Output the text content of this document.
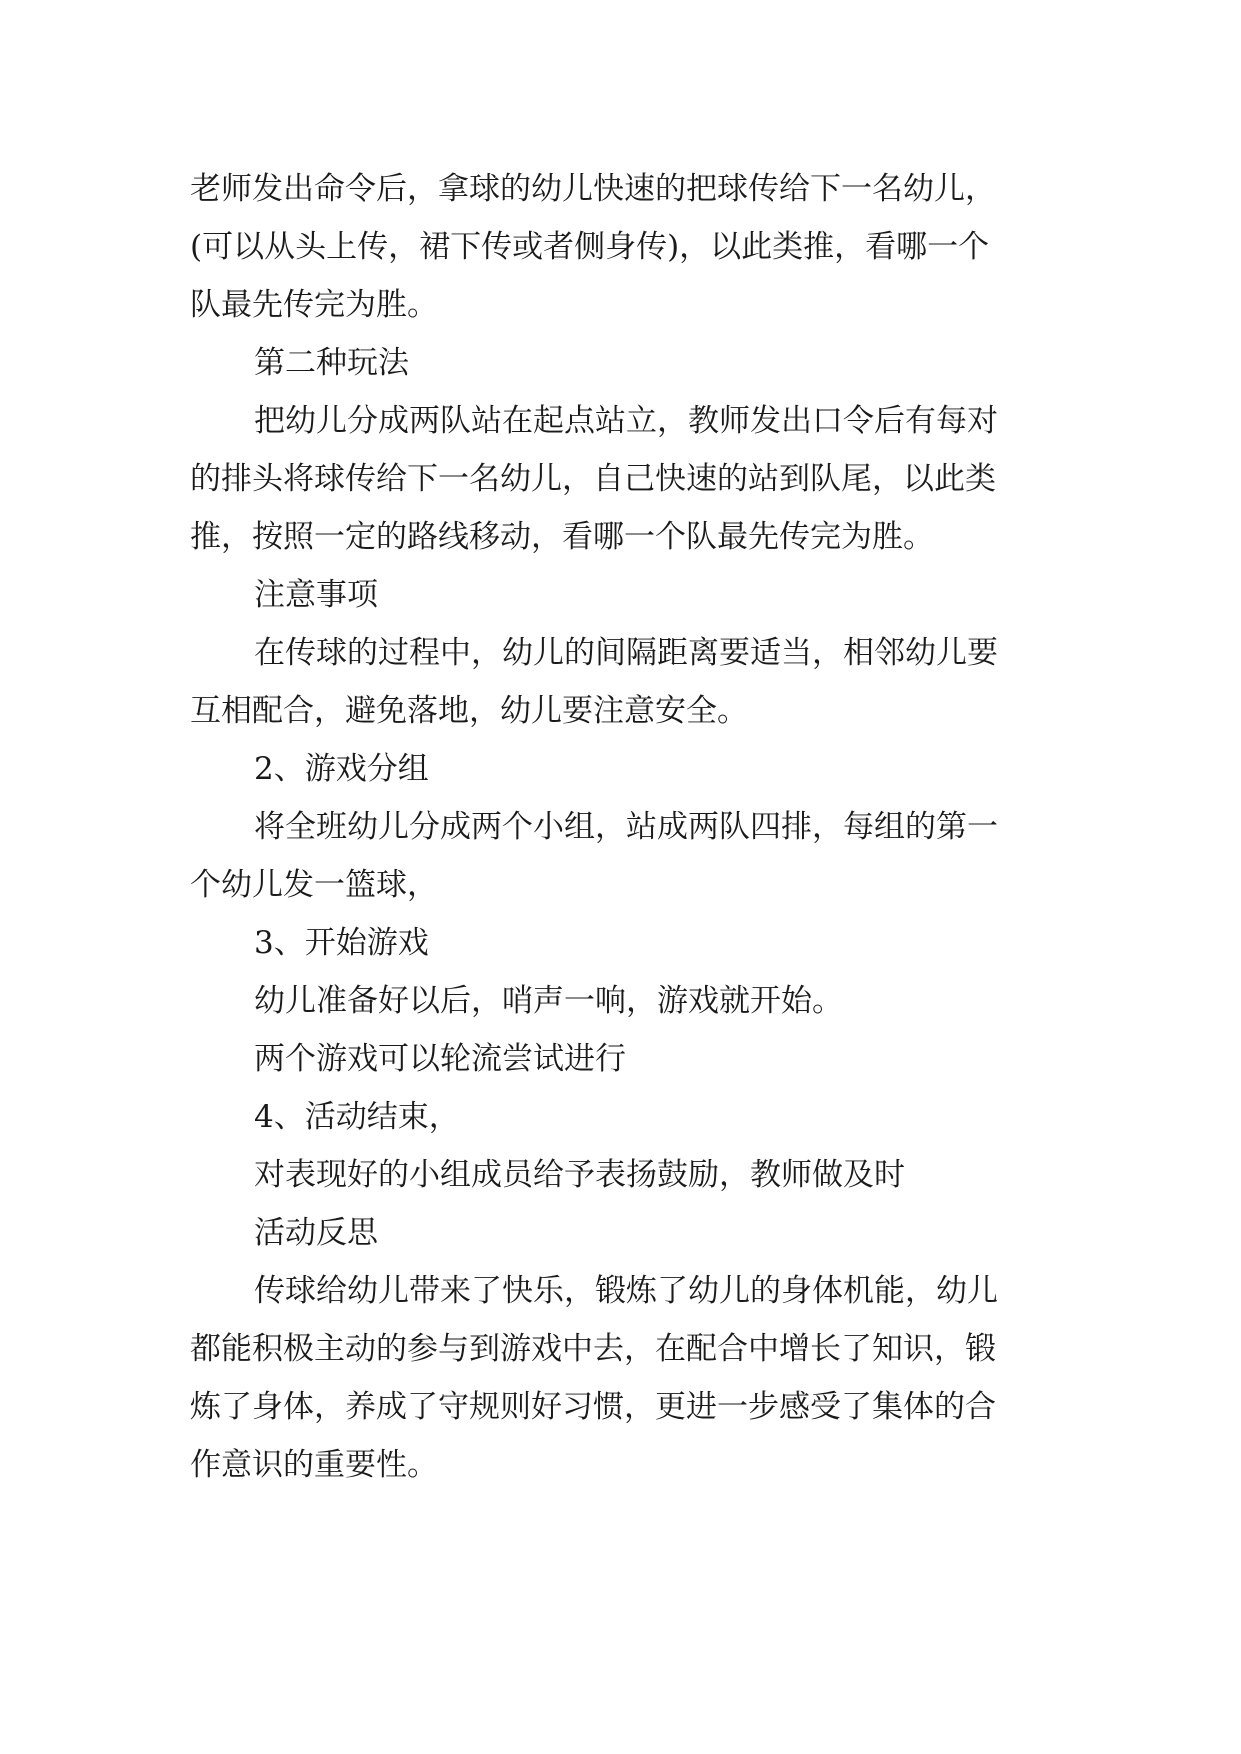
老师发出命令后，拿球的幼儿快速的把球传给下一名幼儿，

(可以从头上传，裙下传或者侧身传)，以此类推，看哪一个

队最先传完为胜。

第二种玩法

把幼儿分成两队站在起点站立，教师发出口令后有每对

的排头将球传给下一名幼儿，自己快速的站到队尾，以此类

推，按照一定的路线移动，看哪一个队最先传完为胜。

注意事项

在传球的过程中，幼儿的间隔距离要适当，相邻幼儿要

互相配合，避免落地，幼儿要注意安全。

2、游戏分组

将全班幼儿分成两个小组，站成两队四排，每组的第一

个幼儿发一篮球，

3、开始游戏

幼儿准备好以后，哨声一响，游戏就开始。

两个游戏可以轮流尝试进行

4、活动结束，

对表现好的小组成员给予表扬鼓励，教师做及时

活动反思

传球给幼儿带来了快乐，锻炼了幼儿的身体机能，幼儿

都能积极主动的参与到游戏中去，在配合中增长了知识，锻

炼了身体，养成了守规则好习惯，更进一步感受了集体的合

作意识的重要性。
